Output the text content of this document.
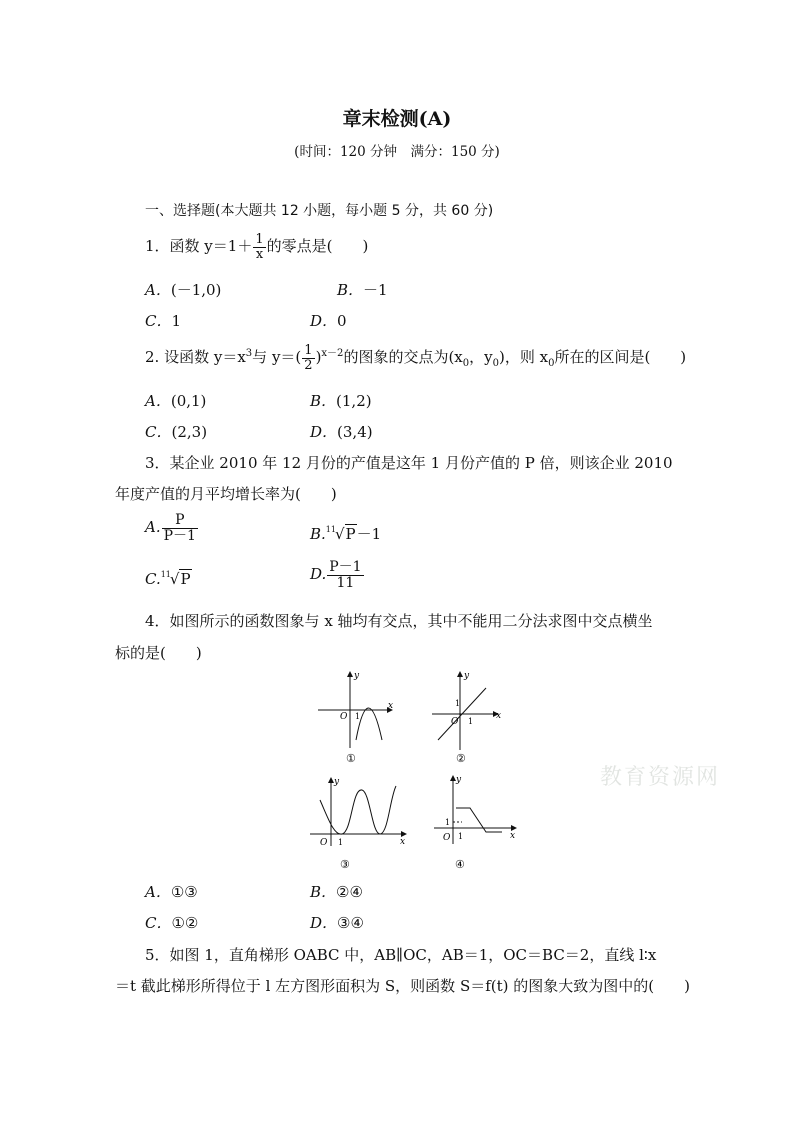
章末检测(A)
(时间：120 分钟　满分：150 分)
一、选择题(本大题共 12 小题，每小题 5 分，共 60 分)
1．函数 $y=1+ \frac{1}{x}$ 的零点是(　　)
A．(－1,0)	B．－1
C．1	D．0
2. 设函数 $y=x^3$与 $y=( \frac{1}{2} )^{x-2}$的图象的交点为($x_0$，$y_0$)，则 $x_0$所在的区间是(　　)
A．(0,1)	B．(1,2)
C．(2,3)	D．(3,4)
3．某企业 2010 年 12 月份的产值是这年 1 月份产值的 P 倍，则该企业 2010
年度产值的月平均增长率为(　　)
A. $\frac{P}{P-1}$	B.$^{11}$√P－1
C.$^{11}$√P	D. $\frac{P-1}{11}$
4．如图所示的函数图象与 x 轴均有交点，其中不能用二分法求图中交点横坐
标的是(　　)
y
x
O 1
①
y
x
O
1
1
②
y
x
O 1
③
y
x
O
1
1
④
教育资源网
A．①③	B．②④
C．①②	D．③④
5．如图 1，直角梯形 OABC 中，AB∥OC，AB＝1，OC＝BC＝2，直线 l∶x
＝t 截此梯形所得位于 l 左方图形面积为 S，则函数 S＝f(t) 的图象大致为图中的(　　)
